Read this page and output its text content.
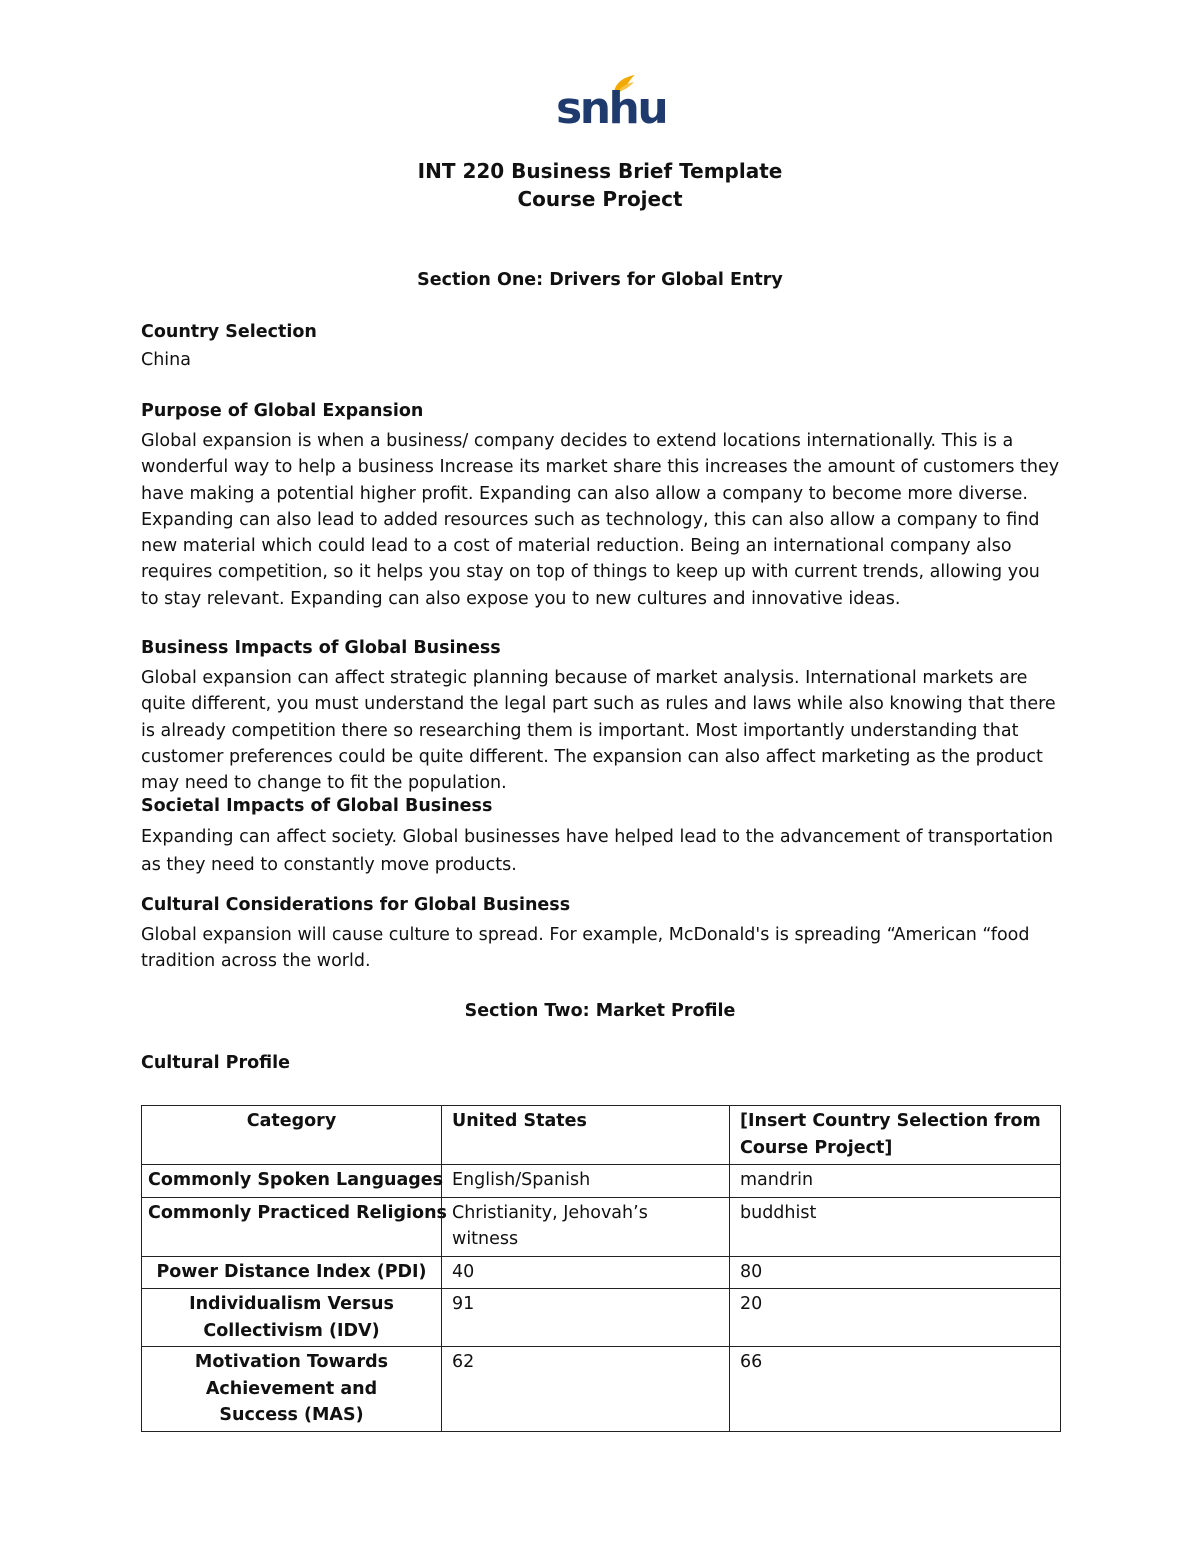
snhu
INT 220 Business Brief Template
Course Project
Section One: Drivers for Global Entry
Country Selection
China
Purpose of Global Expansion
Global expansion is when a business/ company decides to extend locations internationally. This is a
wonderful way to help a business Increase its market share this increases the amount of customers they
have making a potential higher profit. Expanding can also allow a company to become more diverse.
Expanding can also lead to added resources such as technology, this can also allow a company to find
new material which could lead to a cost of material reduction. Being an international company also
requires competition, so it helps you stay on top of things to keep up with current trends, allowing you
to stay relevant. Expanding can also expose you to new cultures and innovative ideas.
Business Impacts of Global Business
Global expansion can affect strategic planning because of market analysis. International markets are
quite different, you must understand the legal part such as rules and laws while also knowing that there
is already competition there so researching them is important. Most importantly understanding that
customer preferences could be quite different. The expansion can also affect marketing as the product
may need to change to fit the population.
Societal Impacts of Global Business
Expanding can affect society. Global businesses have helped lead to the advancement of transportation
as they need to constantly move products.
Cultural Considerations for Global Business
Global expansion will cause culture to spread. For example, McDonald's is spreading “American “food
tradition across the world.
Section Two: Market Profile
Cultural Profile
Category	United States	[Insert Country Selection from Course Project]
Commonly Spoken Languages	English/Spanish	mandrin
Commonly Practiced Religions	Christianity, Jehovah’s witness	buddhist
Power Distance Index (PDI)	40	80
Individualism Versus Collectivism (IDV)	91	20
Motivation Towards Achievement and Success (MAS)	62	66
